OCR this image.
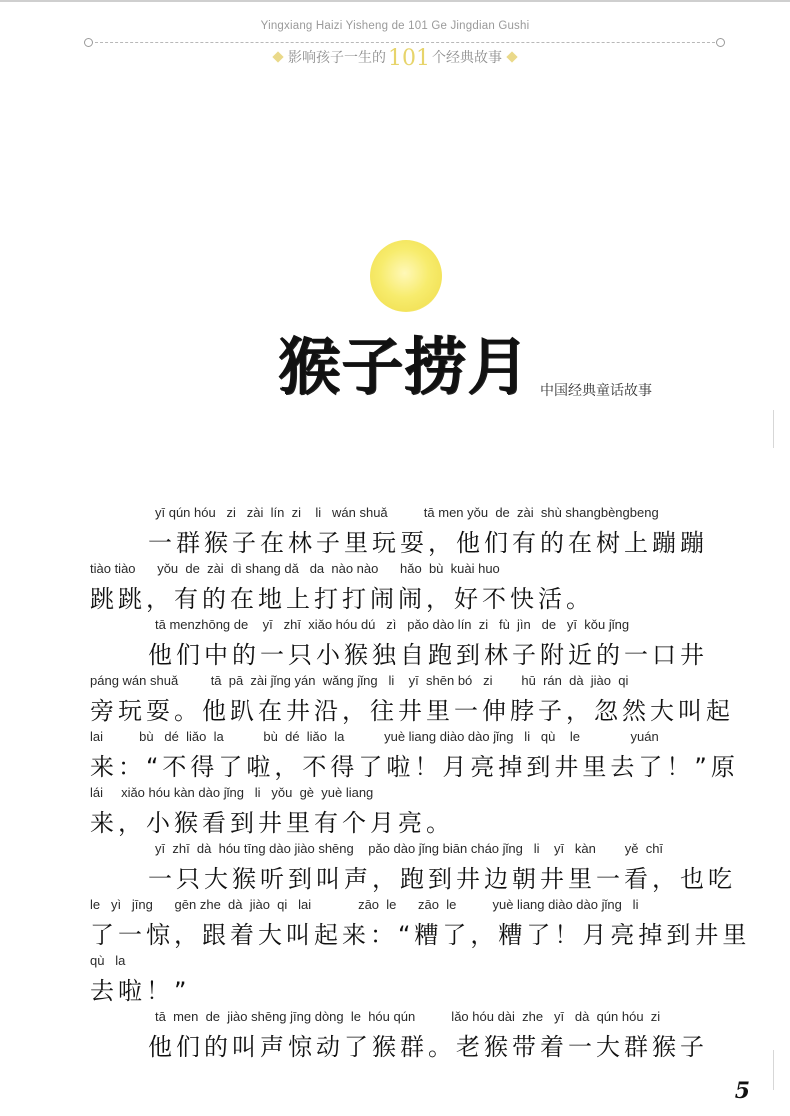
Yingxiang Haizi Yisheng de 101 Ge Jingdian Gushi
影响孩子一生的101 个经典故事
猴子捞月 中国经典童话故事
yī qún hóu   zi   zài  lín  zi    li   wán shuǎ          tā men yǒu  de  zài  shù shangbèngbeng
一群猴子在林子里玩耍，他们有的在树上蹦蹦
tiào tiào      yǒu  de  zài  dì shang dǎ   da  nào nào      hǎo  bù  kuài huo
跳跳，有的在地上打打闹闹，好不快活。
tā menzhōng de    yī   zhī  xiǎo hóu dú   zì   pǎo dào lín  zi   fù  jìn   de   yī  kǒu jǐng
他们中的一只小猴独自跑到林子附近的一口井
páng wán shuǎ         tā  pā  zài jǐng yán  wǎng jǐng   li    yī  shēn bó   zi        hū  rán  dà  jiào  qi
旁玩耍。他趴在井沿，往井里一伸脖子，忽然大叫起
lai          bù   dé  liǎo  la           bù  dé  liǎo  la           yuè liang diào dào jǐng   li   qù    le              yuán
来：“不得了啦，不得了啦！月亮掉到井里去了！”原
lái     xiǎo hóu kàn dào jǐng   li   yǒu  gè  yuè liang
来，小猴看到井里有个月亮。
yī  zhī  dà  hóu tīng dào jiào shēng    pǎo dào jǐng biān cháo jǐng   li    yī   kàn        yě  chī
一只大猴听到叫声，跑到井边朝井里一看，也吃
le   yì   jīng      gēn zhe  dà  jiào  qi   lai             zāo  le      zāo  le          yuè liang diào dào jǐng   li
了一惊，跟着大叫起来：“糟了，糟了！月亮掉到井里
qù   la
去啦！”
tā  men  de  jiào shēng jīng dòng  le  hóu qún          lǎo hóu dài  zhe   yī   dà  qún hóu  zi
他们的叫声惊动了猴群。老猴带着一大群猴子
5
